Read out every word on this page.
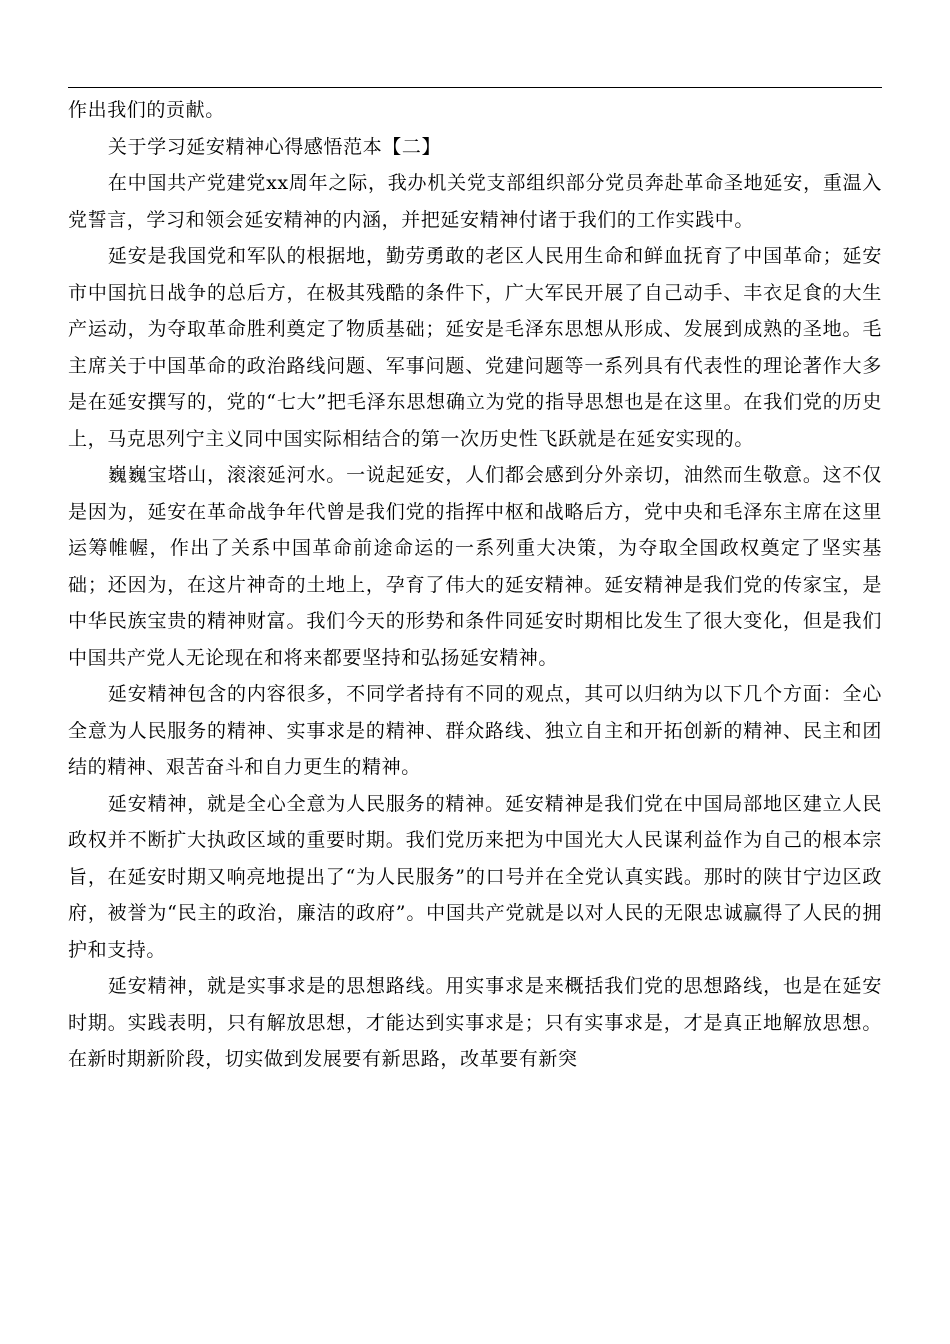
作出我们的贡献。

关于学习延安精神心得感悟范本【二】

在中国共产党建党xx周年之际，我办机关党支部组织部分党员奔赴革命圣地延安，重温入党誓言，学习和领会延安精神的内涵，并把延安精神付诸于我们的工作实践中。

延安是我国党和军队的根据地，勤劳勇敢的老区人民用生命和鲜血抚育了中国革命；延安市中国抗日战争的总后方，在极其残酷的条件下，广大军民开展了自己动手、丰衣足食的大生产运动，为夺取革命胜利奠定了物质基础；延安是毛泽东思想从形成、发展到成熟的圣地。毛主席关于中国革命的政治路线问题、军事问题、党建问题等一系列具有代表性的理论著作大多是在延安撰写的，党的“七大”把毛泽东思想确立为党的指导思想也是在这里。在我们党的历史上，马克思列宁主义同中国实际相结合的第一次历史性飞跃就是在延安实现的。

巍巍宝塔山，滚滚延河水。一说起延安，人们都会感到分外亲切，油然而生敬意。这不仅是因为，延安在革命战争年代曾是我们党的指挥中枢和战略后方，党中央和毛泽东主席在这里运筹帷幄，作出了关系中国革命前途命运的一系列重大决策，为夺取全国政权奠定了坚实基础；还因为，在这片神奇的土地上，孕育了伟大的延安精神。延安精神是我们党的传家宝，是中华民族宝贵的精神财富。我们今天的形势和条件同延安时期相比发生了很大变化，但是我们中国共产党人无论现在和将来都要坚持和弘扬延安精神。

延安精神包含的内容很多，不同学者持有不同的观点，其可以归纳为以下几个方面：全心全意为人民服务的精神、实事求是的精神、群众路线、独立自主和开拓创新的精神、民主和团结的精神、艰苦奋斗和自力更生的精神。

延安精神，就是全心全意为人民服务的精神。延安精神是我们党在中国局部地区建立人民政权并不断扩大执政区域的重要时期。我们党历来把为中国光大人民谋利益作为自己的根本宗旨，在延安时期又响亮地提出了“为人民服务”的口号并在全党认真实践。那时的陕甘宁边区政府，被誉为“民主的政治，廉洁的政府”。中国共产党就是以对人民的无限忠诚赢得了人民的拥护和支持。

延安精神，就是实事求是的思想路线。用实事求是来概括我们党的思想路线，也是在延安时期。实践表明，只有解放思想，才能达到实事求是；只有实事求是，才是真正地解放思想。在新时期新阶段，切实做到发展要有新思路，改革要有新突
